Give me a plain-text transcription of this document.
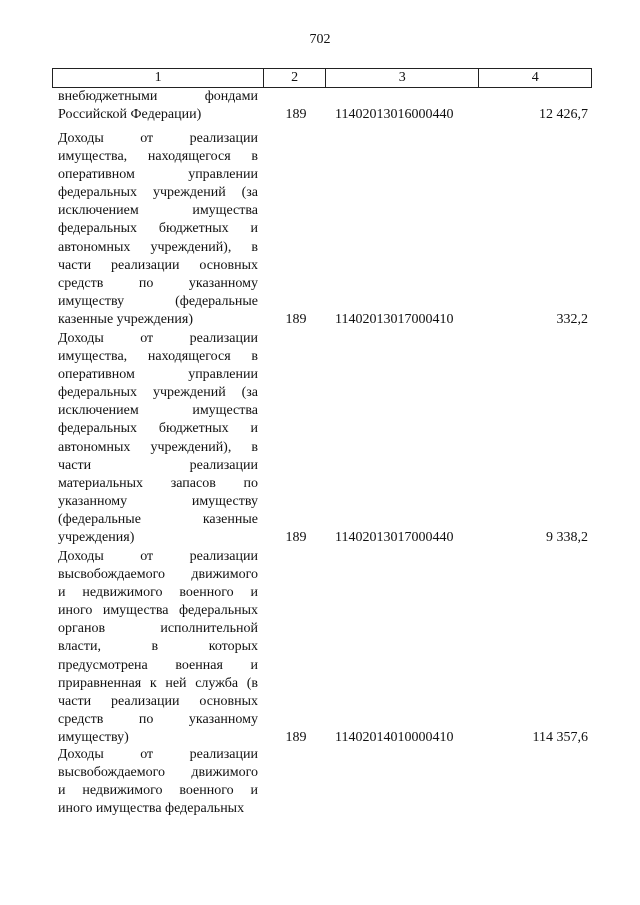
702
1	2	3	4

внебюджетными фондами

Российской Федерации)	189	11402013016000440	12 426,7

Доходы от реализации

имущества, находящегося в

оперативном управлении

федеральных учреждений (за

исключением имущества

федеральных бюджетных и

автономных учреждений), в

части реализации основных

средств по указанному

имуществу (федеральные

казенные учреждения)	189	11402013017000410	332,2

Доходы от реализации

имущества, находящегося в

оперативном управлении

федеральных учреждений (за

исключением имущества

федеральных бюджетных и

автономных учреждений), в

части реализации

материальных запасов по

указанному имуществу

(федеральные казенные

учреждения)	189	11402013017000440	9 338,2

Доходы от реализации

высвобождаемого движимого

и недвижимого военного и

иного имущества федеральных

органов исполнительной

власти, в которых

предусмотрена военная и

приравненная к ней служба (в

части реализации основных

средств по указанному

имуществу)	189	11402014010000410	114 357,6

Доходы от реализации

высвобождаемого движимого

и недвижимого военного и

иного имущества федеральных
